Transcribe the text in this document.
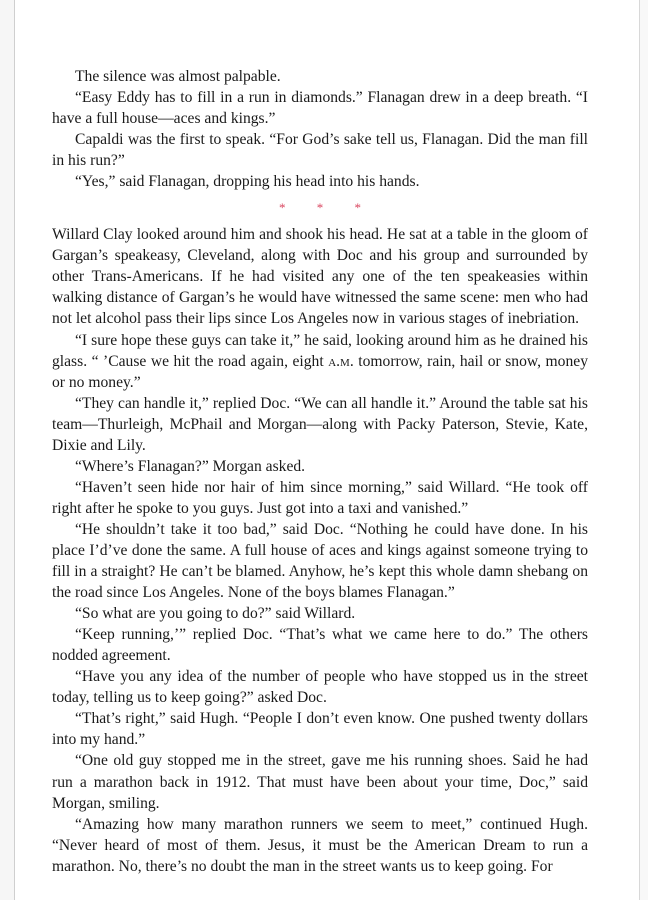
The silence was almost palpable.

“Easy Eddy has to fill in a run in diamonds.” Flanagan drew in a deep breath. “I have a full house—aces and kings.”

Capaldi was the first to speak. “For God’s sake tell us, Flanagan. Did the man fill in his run?”

“Yes,” said Flanagan, dropping his head into his hands.

* * *

Willard Clay looked around him and shook his head. He sat at a table in the gloom of Gargan’s speakeasy, Cleveland, along with Doc and his group and surrounded by other Trans-Americans. If he had visited any one of the ten speakeasies within walking distance of Gargan’s he would have witnessed the same scene: men who had not let alcohol pass their lips since Los Angeles now in various stages of inebriation.

“I sure hope these guys can take it,” he said, looking around him as he drained his glass. “ ’Cause we hit the road again, eight a.m. tomorrow, rain, hail or snow, money or no money.”

“They can handle it,” replied Doc. “We can all handle it.” Around the table sat his team—Thurleigh, McPhail and Morgan—along with Packy Paterson, Stevie, Kate, Dixie and Lily.

“Where’s Flanagan?” Morgan asked.

“Haven’t seen hide nor hair of him since morning,” said Willard. “He took off right after he spoke to you guys. Just got into a taxi and vanished.”

“He shouldn’t take it too bad,” said Doc. “Nothing he could have done. In his place I’d’ve done the same. A full house of aces and kings against someone trying to fill in a straight? He can’t be blamed. Anyhow, he’s kept this whole damn shebang on the road since Los Angeles. None of the boys blames Flanagan.”

“So what are you going to do?” said Willard.

“Keep running,’” replied Doc. “That’s what we came here to do.” The others nodded agreement.

“Have you any idea of the number of people who have stopped us in the street today, telling us to keep going?” asked Doc.

“That’s right,” said Hugh. “People I don’t even know. One pushed twenty dollars into my hand.”

“One old guy stopped me in the street, gave me his running shoes. Said he had run a marathon back in 1912. That must have been about your time, Doc,” said Morgan, smiling.

“Amazing how many marathon runners we seem to meet,” continued Hugh. “Never heard of most of them. Jesus, it must be the American Dream to run a marathon. No, there’s no doubt the man in the street wants us to keep going. For
